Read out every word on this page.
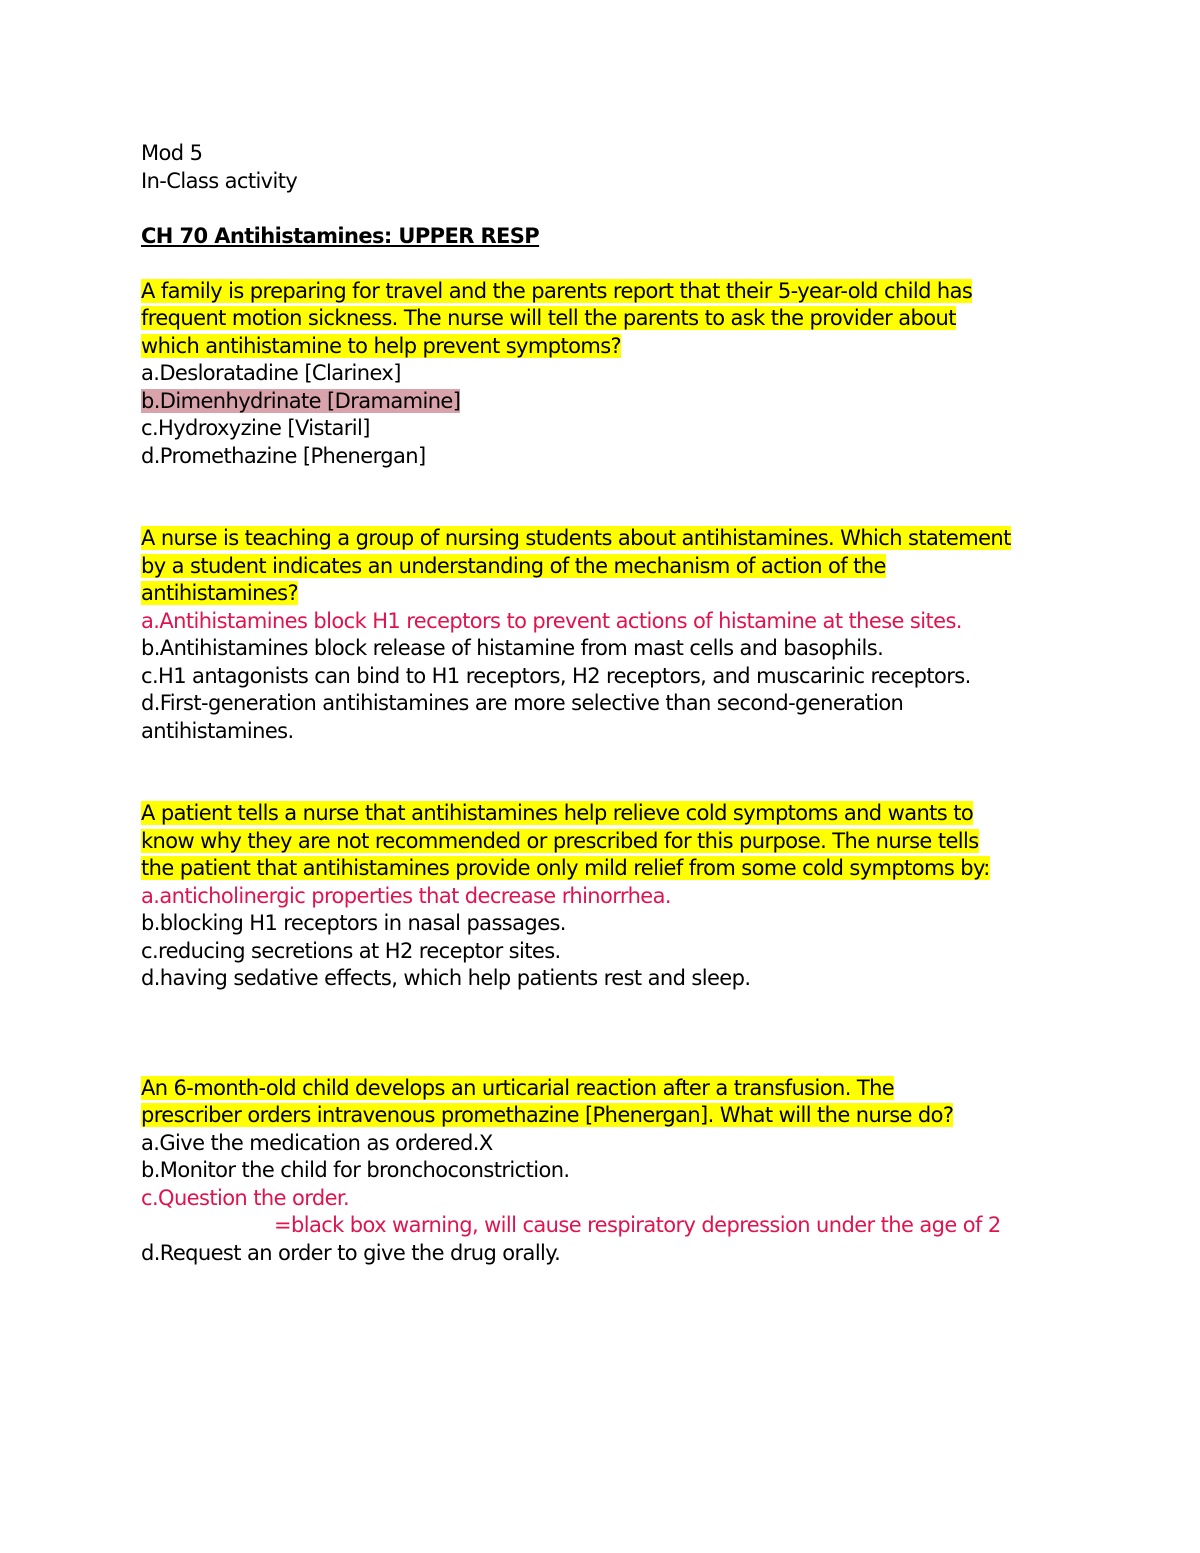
Mod 5
In-Class activity
CH 70 Antihistamines: UPPER RESP
A family is preparing for travel and the parents report that their 5-year-old child has
frequent motion sickness. The nurse will tell the parents to ask the provider about
which antihistamine to help prevent symptoms?
a.Desloratadine [Clarinex]
b.Dimenhydrinate [Dramamine]
c.Hydroxyzine [Vistaril]
d.Promethazine [Phenergan]
A nurse is teaching a group of nursing students about antihistamines. Which statement
by a student indicates an understanding of the mechanism of action of the
antihistamines?
a.Antihistamines block H1 receptors to prevent actions of histamine at these sites.
b.Antihistamines block release of histamine from mast cells and basophils.
c.H1 antagonists can bind to H1 receptors, H2 receptors, and muscarinic receptors.
d.First-generation antihistamines are more selective than second-generation
antihistamines.
A patient tells a nurse that antihistamines help relieve cold symptoms and wants to
know why they are not recommended or prescribed for this purpose. The nurse tells
the patient that antihistamines provide only mild relief from some cold symptoms by:
a.anticholinergic properties that decrease rhinorrhea.
b.blocking H1 receptors in nasal passages.
c.reducing secretions at H2 receptor sites.
d.having sedative effects, which help patients rest and sleep.
An 6-month-old child develops an urticarial reaction after a transfusion. The
prescriber orders intravenous promethazine [Phenergan]. What will the nurse do?
a.Give the medication as ordered.X
b.Monitor the child for bronchoconstriction.
c.Question the order.
=black box warning, will cause respiratory depression under the age of 2
d.Request an order to give the drug orally.
